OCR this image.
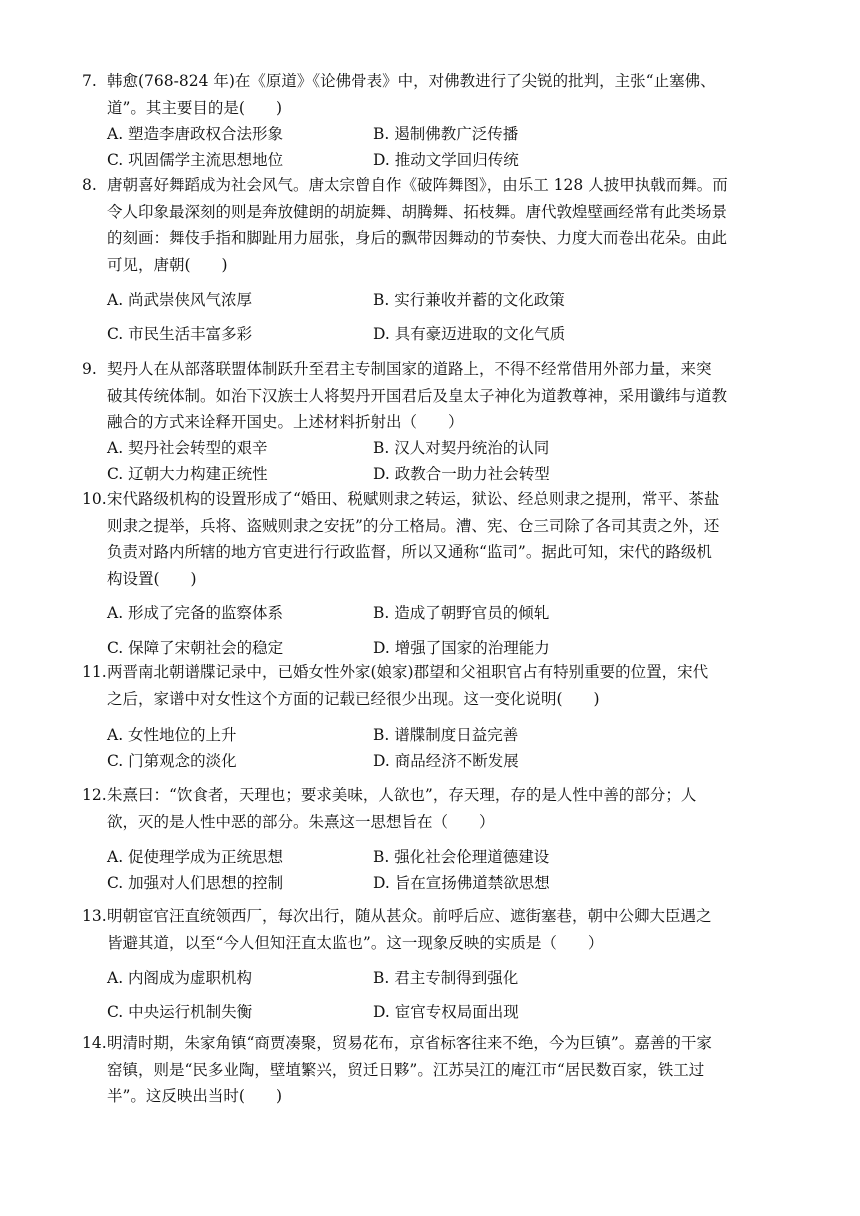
7. 韩愈(768-824 年)在《原道》《论佛骨表》中，对佛教进行了尖锐的批判，主张“止塞佛、

道”。其主要目的是(　　)

A. 塑造李唐政权合法形象	B. 遏制佛教广泛传播
C. 巩固儒学主流思想地位	D. 推动文学回归传统

8. 唐朝喜好舞蹈成为社会风气。唐太宗曾自作《破阵舞图》，由乐工 128 人披甲执戟而舞。而

令人印象最深刻的则是奔放健朗的胡旋舞、胡腾舞、拓枝舞。唐代敦煌壁画经常有此类场景

的刻画：舞伎手指和脚趾用力屈张，身后的飘带因舞动的节奏快、力度大而卷出花朵。由此

可见，唐朝(　　)

A. 尚武崇侠风气浓厚	B. 实行兼收并蓄的文化政策
C. 市民生活丰富多彩	D. 具有豪迈进取的文化气质

9. 契丹人在从部落联盟体制跃升至君主专制国家的道路上，不得不经常借用外部力量，来突

破其传统体制。如治下汉族士人将契丹开国君后及皇太子神化为道教尊神，采用谶纬与道教

融合的方式来诠释开国史。上述材料折射出（　　）

A. 契丹社会转型的艰辛	B. 汉人对契丹统治的认同
C. 辽朝大力构建正统性	D. 政教合一助力社会转型

10.宋代路级机构的设置形成了“婚田、税赋则隶之转运，狱讼、经总则隶之提刑，常平、茶盐

则隶之提举，兵将、盗贼则隶之安抚”的分工格局。漕、宪、仓三司除了各司其责之外，还

负责对路内所辖的地方官吏进行行政监督，所以又通称“监司”。据此可知，宋代的路级机

构设置(　　)

A. 形成了完备的监察体系	B. 造成了朝野官员的倾轧
C. 保障了宋朝社会的稳定	D. 增强了国家的治理能力

11.两晋南北朝谱牒记录中，已婚女性外家(娘家)郡望和父祖职官占有特别重要的位置，宋代

之后，家谱中对女性这个方面的记载已经很少出现。这一变化说明(　　)

A. 女性地位的上升	B. 谱牒制度日益完善
C. 门第观念的淡化	D. 商品经济不断发展

12.朱熹曰：“饮食者，天理也；要求美味，人欲也”，存天理，存的是人性中善的部分；人

欲，灭的是人性中恶的部分。朱熹这一思想旨在（　　）

A. 促使理学成为正统思想	B. 强化社会伦理道德建设
C. 加强对人们思想的控制	D. 旨在宣扬佛道禁欲思想

13.明朝宦官汪直统领西厂，每次出行，随从甚众。前呼后应、遮街塞巷，朝中公卿大臣遇之

皆避其道，以至“今人但知汪直太监也”。这一现象反映的实质是（　　）

A. 内阁成为虚职机构	B. 君主专制得到强化
C. 中央运行机制失衡	D. 宦官专权局面出现

14.明清时期，朱家角镇“商贾凑聚，贸易花布，京省标客往来不绝，今为巨镇”。嘉善的干家

窑镇，则是“民多业陶，壁埴繁兴，贸迁日夥”。江苏吴江的庵江市“居民数百家，铁工过

半”。这反映出当时(　　)
